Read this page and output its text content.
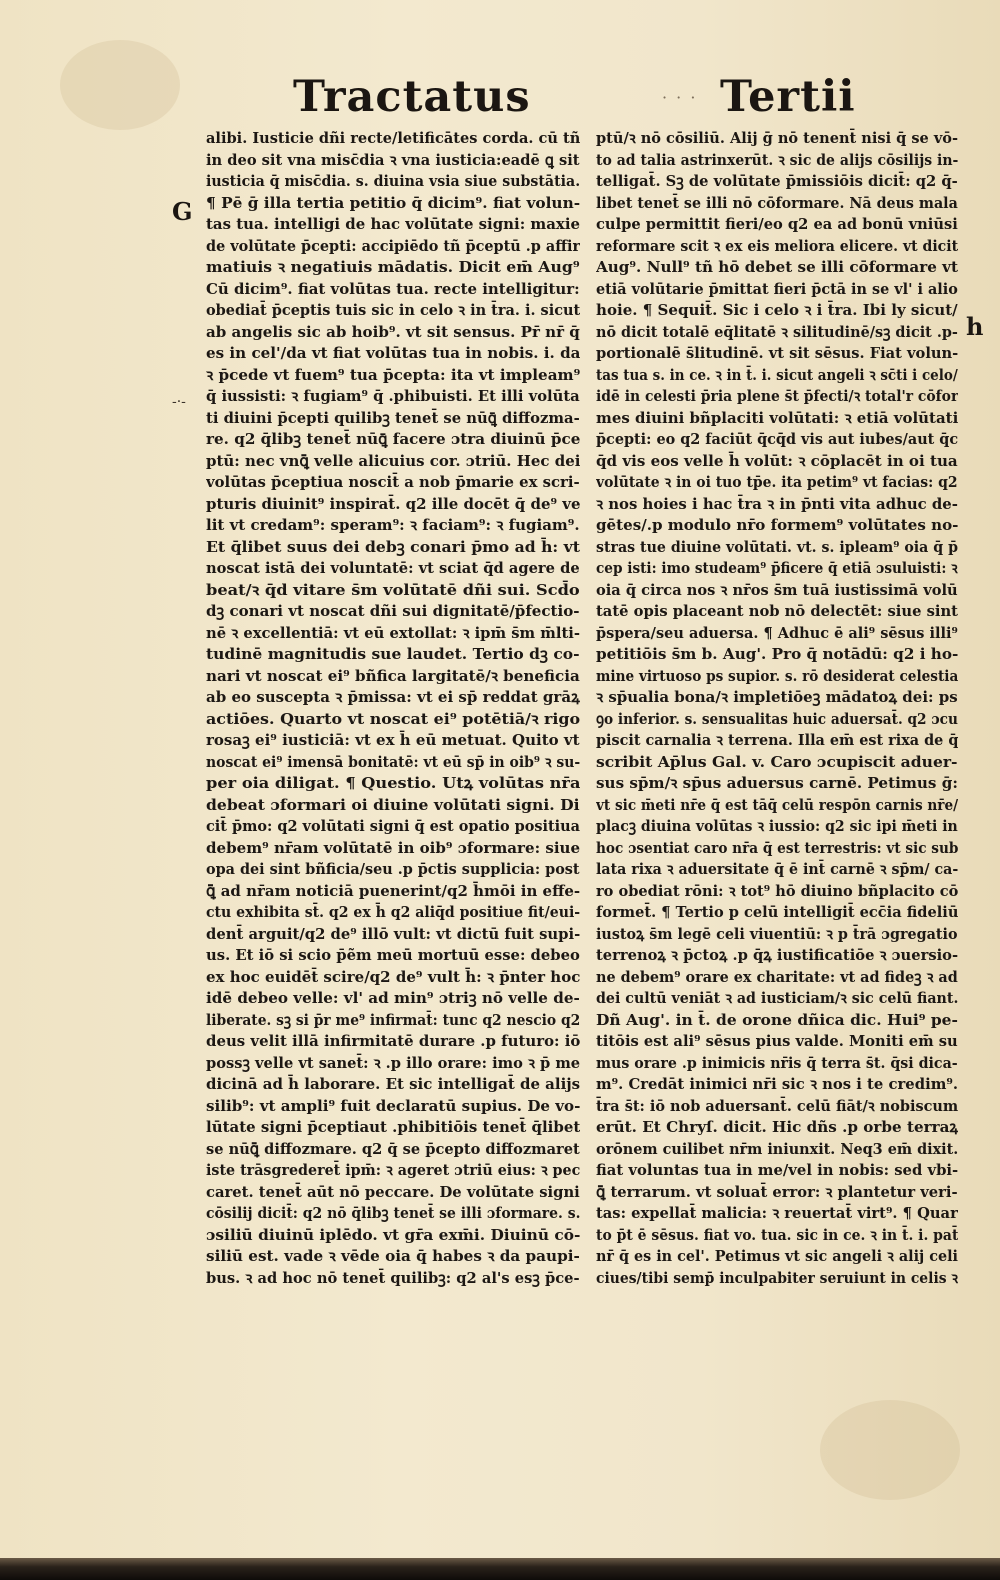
Tractatus	· · · Tertii
G
-·-
h
alibi. Iusticie dñi recte/letificātes corda. cū tñ
in deo sit vna misc̄dia ꝛ vna iusticia:eadē ꝗ sit
iusticia q̄ misc̄dia. s. diuina vsia siue substātia.
¶ Pē ḡ illa tertia petitio q̄ dicim⁹. fiat volun-
tas tua. intelligi de hac volūtate signi: maxie
de volūtate p̄cepti: accipiēdo tñ p̄ceptū .p affir
matiuis ꝛ negatiuis mādatis. Dicit em̄ Aug⁹
Cū dicim⁹. fiat volūtas tua. recte intelligitur:
obediat̄ p̄ceptis tuis sic in celo ꝛ in t̄ra. i. sicut
ab angelis sic ab hoib⁹. vt sit sensus. Pr̄ nr̄ q̄
es in cel'/da vt fiat volūtas tua in nobis. i. da
ꝛ p̄cede vt fuem⁹ tua p̄cepta: ita vt impleam⁹
q̄ iussisti: ꝛ fugiam⁹ q̄ .phibuisti. Et illi volūta
ti diuini p̄cepti quilibꝫ tenet̄ se nūꝗ̄ diffozma-
re. q2 q̄libꝫ tenet̄ nūꝗ̄ facere ɔtra diuinū p̄ce
ptū: nec vnꝗ̄ velle alicuius cor. ɔtriū. Hec dei
volūtas p̄ceptiua noscit̄ a nob p̄marie ex scri-
pturis diuinit⁹ inspirat̄. q2 ille docēt q̄ de⁹ ve
lit vt credam⁹: speram⁹: ꝛ faciam⁹: ꝛ fugiam⁹.
Et q̄libet suus dei debꝫ conari p̄mo ad h̄: vt
noscat istā dei voluntatē: vt sciat q̄d agere de
beat/ꝛ q̄d vitare s̄m volūtatē dñi sui. Scd̄o
dꝫ conari vt noscat dñi sui dignitatē/p̄fectio-
nē ꝛ excellentiā: vt eū extollat: ꝛ ipm̄ s̄m m̄lti-
tudinē magnitudis sue laudet. Tertio dꝫ co-
nari vt noscat ei⁹ bñfica largitatē/ꝛ beneficia
ab eo suscepta ꝛ p̄missa: vt ei sp̄ reddat grāꝝ
actiōes. Quarto vt noscat ei⁹ potētiā/ꝛ rigo
rosaꝫ ei⁹ iusticiā: vt ex h̄ eū metuat. Quito vt
noscat ei⁹ imensā bonitatē: vt eū sp̄ in oib⁹ ꝛ su-
per oia diligat. ¶ Questio. Utꝝ volūtas nr̄a
debeat ɔformari oi diuine volūtati signi. Di
cit̄ p̄mo: q2 volūtati signi q̄ est opatio positiua
debem⁹ nr̄am volūtatē in oib⁹ ɔformare: siue
opa dei sint bñficia/seu .p p̄ctis supplicia: post
ꝗ̄ ad nr̄am noticiā puenerint/q2 h̄mōi in effe-
ctu exhibita st̄. q2 ex h̄ q2 aliq̄d positiue fit/eui-
dent̄ arguit/q2 de⁹ illō vult: vt dictū fuit supi-
us. Et iō si scio p̄ẽm meū mortuū esse: debeo
ex hoc euidēt̄ scire/q2 de⁹ vult h̄: ꝛ p̄nter hoc
idē debeo velle: vl' ad min⁹ ɔtriꝫ nō velle de-
liberate. sꝫ si p̄r me⁹ infirmat̄: tunc q2 nescio q2
deus velit illā infirmitatē durare .p futuro: iō
possꝫ velle vt sanet̄: ꝛ .p illo orare: imo ꝛ p̄ me
dicinā ad h̄ laborare. Et sic intelligat̄ de alijs
silib⁹: vt ampli⁹ fuit declaratū supius. De vo-
lūtate signi p̄ceptiaut .phibitiōis tenet̄ q̄libet
se nūꝗ̄ diffozmare. q2 q̄ se p̄cepto diffozmaret
iste trāsgrederet̄ ipm̄: ꝛ ageret ɔtriū eius: ꝛ pec
caret. tenet̄ aūt nō peccare. De volūtate signi
cōsilij dicit̄: q2 nō q̄libꝫ tenet̄ se illi ɔformare. s.
ɔsiliū diuinū iplēdo. vt gr̄a exm̄i. Diuinū cō-
siliū est. vade ꝛ vēde oia q̄ habes ꝛ da paupi-
bus. ꝛ ad hoc nō tenet̄ quilibꝫ: q2 al's esꝫ p̄ce-
ptū/ꝛ nō cōsiliū. Alij ḡ nō tenent̄ nisi q̄ se vō-
to ad talia astrinxerūt. ꝛ sic de alijs cōsilijs in-
telligat̄. Sꝫ de volūtate p̄missiōis dicit̄: q2 q̄-
libet tenet̄ se illi nō cōformare. Nā deus mala
culpe permittit fieri/eo q2 ea ad bonū vniūsi
reformare scit ꝛ ex eis meliora elicere. vt dicit
Aug⁹. Null⁹ tñ hō debet se illi cōformare vt
etiā volūtarie p̄mittat fieri p̄ctā in se vl' i alio
hoie. ¶ Sequit̄. Sic i celo ꝛ i t̄ra. Ibi ly sicut/
nō dicit totalē eq̄litatē ꝛ silitudinē/sꝫ dicit .p-
portionalē s̄litudinē. vt sit sēsus. Fiat volun-
tas tua s. in ce. ꝛ in t̄. i. sicut angeli ꝛ sc̄ti i celo/
idē in celesti p̄ria plene s̄t p̄fecti/ꝛ total'r cōfor
mes diuini bñplaciti volūtati: ꝛ etiā volūtati
p̄cepti: eo q2 faciūt q̄cq̄d vis aut iubes/aut q̄c
q̄d vis eos velle h̄ volūt: ꝛ cōplacēt in oi tua
volūtate ꝛ in oi tuo tp̄e. ita petim⁹ vt facias: q2
ꝛ nos hoies i hac t̄ra ꝛ in p̄nti vita adhuc de-
gētes/.p modulo nr̄o formem⁹ volūtates no-
stras tue diuine volūtati. vt. s. ipleam⁹ oia q̄ p̄
cep isti: imo studeam⁹ p̄ficere q̄ etiā ɔsuluisti: ꝛ
oia q̄ circa nos ꝛ nr̄os s̄m tuā iustissimā volū
tatē opis placeant nob nō delectēt: siue sint
p̄spera/seu aduersa. ¶ Adhuc ē ali⁹ sēsus illi⁹
petitiōis s̄m b. Aug'. Pro q̄ notādū: q2 i ho-
mine virtuoso ps supior. s. rō desiderat celestia
ꝛ sp̄ualia bona/ꝛ impletiōeꝫ mādatoꝝ dei: ps
ꝯo inferior. s. sensualitas huic aduersat̄. q2 ɔcu
piscit carnalia ꝛ terrena. Illa em̄ est rixa de q̄
scribit Ap̄lus Gal. v. Caro ɔcupiscit aduer-
sus sp̄m/ꝛ sp̄us aduersus carnē. Petimus ḡ:
vt sic m̄eti nr̄e q̄ est tāq̄ celū respōn carnis nr̄e/
placꝫ diuina volūtas ꝛ iussio: q2 sic ipi m̄eti in
hoc ɔsentiat caro nr̄a q̄ est terrestris: vt sic sub
lata rixa ꝛ aduersitate q̄ ē int̄ carnē ꝛ sp̄m/ ca-
ro obediat rōni: ꝛ tot⁹ hō diuino bñplacito cō
formet̄. ¶ Tertio p celū intelligit̄ ecc̄ia fideliū
iustoꝝ s̄m legē celi viuentiū: ꝛ p t̄rā ɔgregatio
terrenoꝝ ꝛ p̄ctoꝝ .p q̄ꝝ iustificatiōe ꝛ ɔuersio-
ne debem⁹ orare ex charitate: vt ad fideꝫ ꝛ ad
dei cultū veniāt ꝛ ad iusticiam/ꝛ sic celū fiant.
Dñ Aug'. in t̄. de orone dñica dic. Hui⁹ pe-
titōis est ali⁹ sēsus pius valde. Moniti em̄ su
mus orare .p inimicis nr̄is q̄ terra s̄t. q̄si dica-
m⁹. Credāt inimici nr̄i sic ꝛ nos i te credim⁹.
t̄ra s̄t: iō nob aduersant̄. celū fiāt/ꝛ nobiscum
erūt. Et Chryſ. dicit. Hic dñs .p orbe terraꝝ
orōnem cuilibet nr̄m iniunxit. Neq3 em̄ dixit.
fiat voluntas tua in me/vel in nobis: sed vbi-
ꝗ̄ terrarum. vt soluat̄ error: ꝛ plantetur veri-
tas: expellat̄ malicia: ꝛ reuertat̄ virt⁹. ¶ Quar
to p̄t ē sēsus. fiat vo. tua. sic in ce. ꝛ in t̄. i. pat̄
nr̄ q̄ es in cel'. Petimus vt sic angeli ꝛ alij celi
ciues/tibi semp̄ inculpabiter seruiunt in celis ꝛ
